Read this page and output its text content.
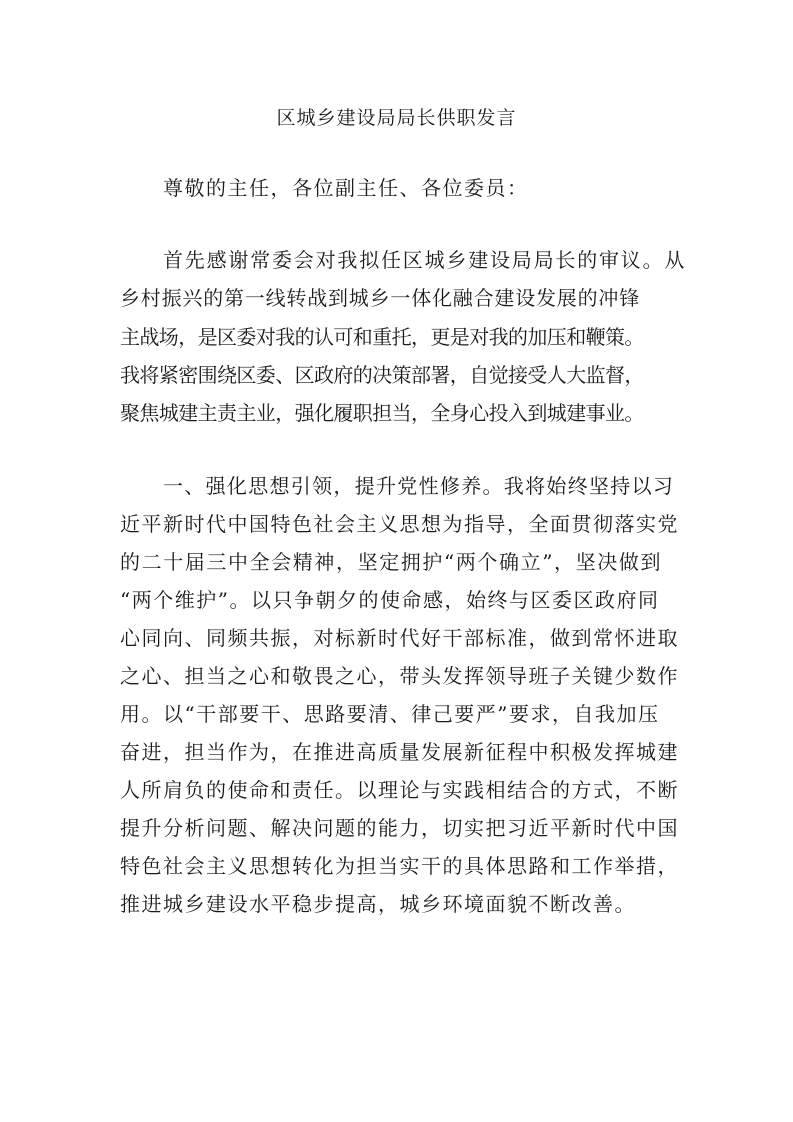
区城乡建设局局长供职发言
尊敬的主任，各位副主任、各位委员：
首先感谢常委会对我拟任区城乡建设局局长的审议。从
乡村振兴的第一线转战到城乡一体化融合建设发展的冲锋
主战场，是区委对我的认可和重托，更是对我的加压和鞭策。
我将紧密围绕区委、区政府的决策部署，自觉接受人大监督，
聚焦城建主责主业，强化履职担当，全身心投入到城建事业。
一、强化思想引领，提升党性修养。我将始终坚持以习
近平新时代中国特色社会主义思想为指导，全面贯彻落实党
的二十届三中全会精神，坚定拥护“两个确立”，坚决做到
“两个维护”。以只争朝夕的使命感，始终与区委区政府同
心同向、同频共振，对标新时代好干部标准，做到常怀进取
之心、担当之心和敬畏之心，带头发挥领导班子关键少数作
用。以“干部要干、思路要清、律己要严”要求，自我加压
奋进，担当作为，在推进高质量发展新征程中积极发挥城建
人所肩负的使命和责任。以理论与实践相结合的方式，不断
提升分析问题、解决问题的能力，切实把习近平新时代中国
特色社会主义思想转化为担当实干的具体思路和工作举措，
推进城乡建设水平稳步提高，城乡环境面貌不断改善。
